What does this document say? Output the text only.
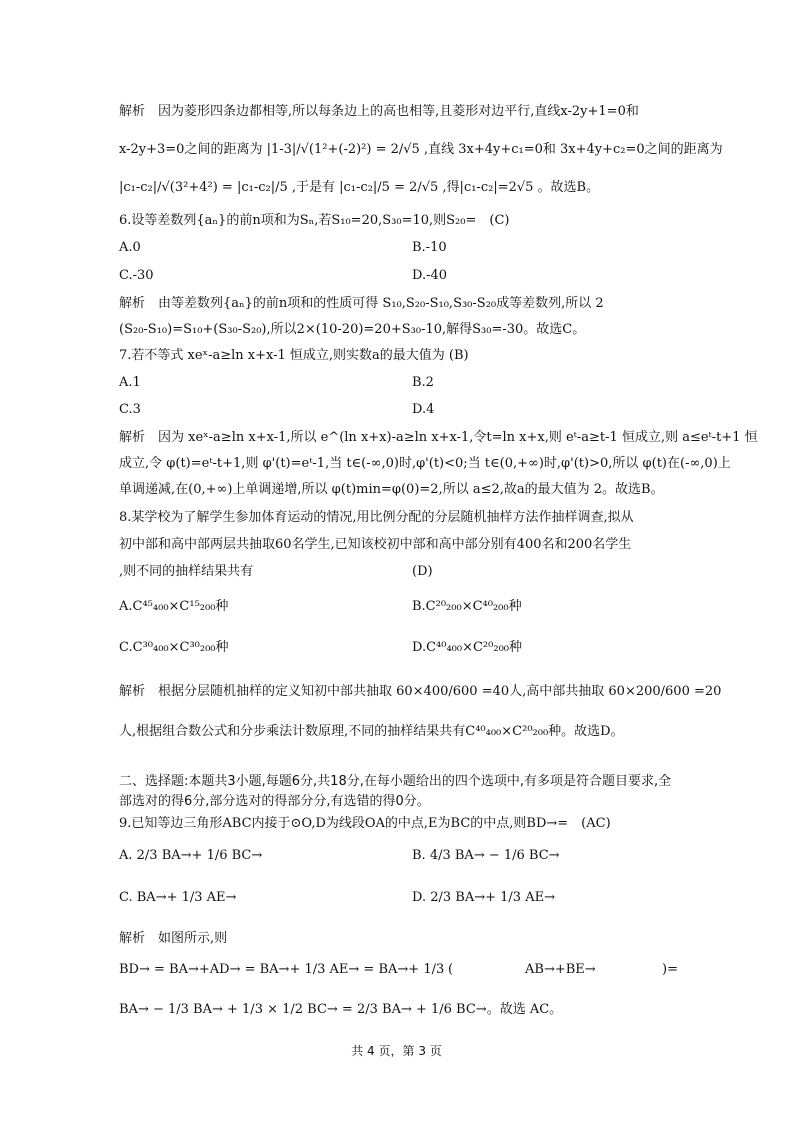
解析　因为菱形四条边都相等,所以每条边上的高也相等,且菱形对边平行,直线x-2y+1=0和
x-2y+3=0之间的距离为 |1-3|/√(1²+(-2)²) = 2/√5 ,直线 3x+4y+c₁=0和 3x+4y+c₂=0之间的距离为
|c₁-c₂|/√(3²+4²) = |c₁-c₂|/5 ,于是有 |c₁-c₂|/5 = 2/√5 ,得|c₁-c₂|=2√5 。故选B。
6.设等差数列{aₙ}的前n项和为Sₙ,若S₁₀=20,S₃₀=10,则S₂₀=　(C)
A.0	B.-10
C.-30	D.-40
解析　由等差数列{aₙ}的前n项和的性质可得 S₁₀,S₂₀-S₁₀,S₃₀-S₂₀成等差数列,所以 2
(S₂₀-S₁₀)=S₁₀+(S₃₀-S₂₀),所以2×(10-20)=20+S₃₀-10,解得S₃₀=-30。故选C。
7.若不等式 xeˣ-a≥ln x+x-1 恒成立,则实数a的最大值为 (B)
A.1	B.2
C.3	D.4
解析　因为 xeˣ-a≥ln x+x-1,所以 e^(ln x+x)-a≥ln x+x-1,令t=ln x+x,则 eᵗ-a≥t-1 恒成立,则 a≤eᵗ-t+1 恒
成立,令 φ(t)=eᵗ-t+1,则 φ'(t)=eᵗ-1,当 t∈(-∞,0)时,φ'(t)<0;当 t∈(0,+∞)时,φ'(t)>0,所以 φ(t)在(-∞,0)上
单调递减,在(0,+∞)上单调递增,所以 φ(t)min=φ(0)=2,所以 a≤2,故a的最大值为 2。故选B。
8.某学校为了解学生参加体育运动的情况,用比例分配的分层随机抽样方法作抽样调查,拟从
初中部和高中部两层共抽取60名学生,已知该校初中部和高中部分别有400名和200名学生
,则不同的抽样结果共有	(D)
A.C⁴⁵₄₀₀×C¹⁵₂₀₀种	B.C²⁰₂₀₀×C⁴⁰₂₀₀种
C.C³⁰₄₀₀×C³⁰₂₀₀种	D.C⁴⁰₄₀₀×C²⁰₂₀₀种
解析　根据分层随机抽样的定义知初中部共抽取 60×400/600 =40人,高中部共抽取 60×200/600 =20
人,根据组合数公式和分步乘法计数原理,不同的抽样结果共有C⁴⁰₄₀₀×C²⁰₂₀₀种。故选D。
二、选择题:本题共3小题,每题6分,共18分,在每小题给出的四个选项中,有多项是符合题目要求,全部选对的得6分,部分选对的得部分分,有选错的得0分。
9.已知等边三角形ABC内接于⊙O,D为线段OA的中点,E为BC的中点,则BD→=　(AC)
A. 2/3 BA→+ 1/6 BC→	B. 4/3 BA→ − 1/6 BC→
C. BA→+ 1/3 AE→	D. 2/3 BA→+ 1/3 AE→
解析　如图所示,则
BD→ = BA→+AD→ = BA→+ 1/3 AE→ = BA→+ 1/3 (	AB→+BE→	)=
BA→ − 1/3 BA→ + 1/3 × 1/2 BC→ = 2/3 BA→ + 1/6 BC→。故选 AC。
共 4 页，第 3 页
